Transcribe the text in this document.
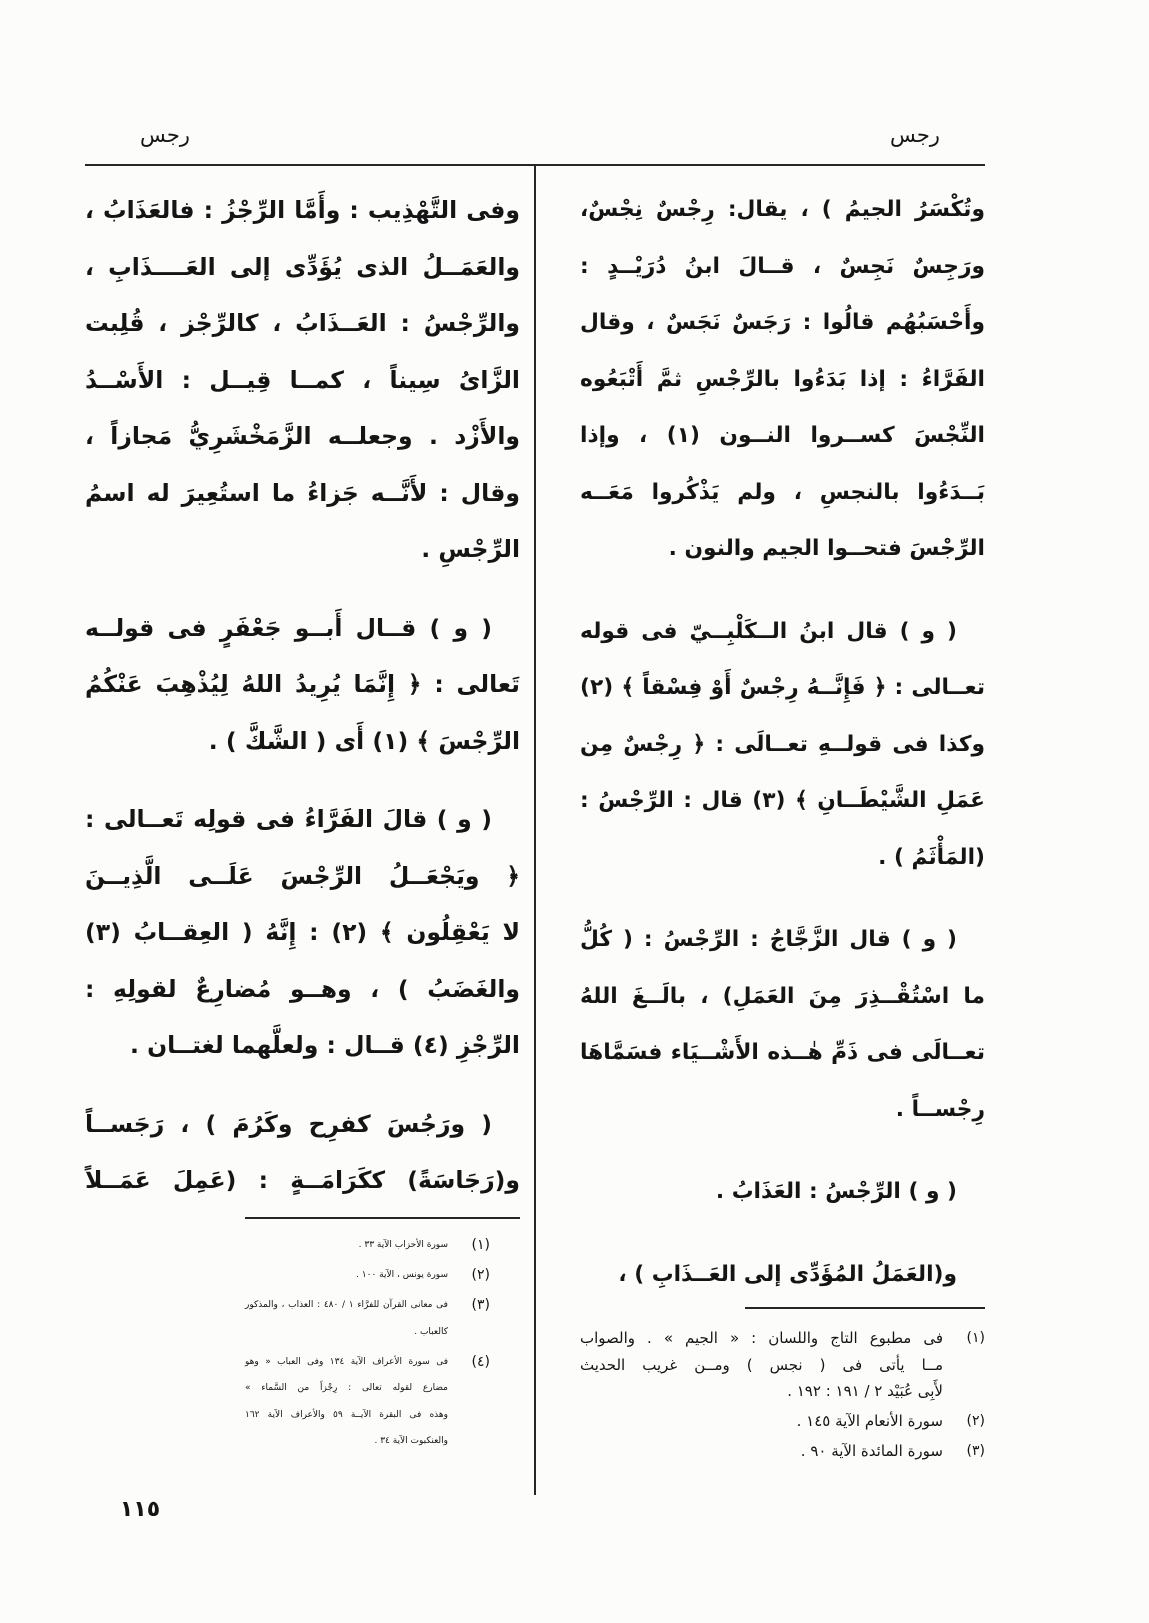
رجس	رجس
وتُكْسَرُ الجيمُ ) ، يقال: رِجْسٌ نِجْسٌ،
ورَجِسٌ نَجِسٌ ، قــالَ ابنُ دُرَيْــدٍ :
وأَحْسَبُهُم قالُوا : رَجَسٌ نَجَسٌ ، وقال
الفَرَّاءُ : إذا بَدَءُوا بالرِّجْسِ ثمَّ أَتْبَعُوه
النِّجْسَ كســروا النــون (١) ، وإذا
بَــدَءُوا بالنجسِ ، ولم يَذْكُروا مَعَــه
الرِّجْسَ فتحــوا الجيم والنون .
( و ) قال ابنُ الــكَلْبِــيّ فى قوله
تعــالى : ﴿ فَإِنَّــهُ رِجْسٌ أَوْ فِسْقاً ﴾ (٢)
وكذا فى قولــهِ تعــالَى : ﴿ رِجْسٌ مِن
عَمَلِ الشَّيْطَــانِ ﴾ (٣) قال : الرِّجْسُ :
(المَأْثَمُ ) .
( و ) قال الزَّجَّاجُ : الرِّجْسُ : ( كُلُّ
ما اسْتُقْــذِرَ مِنَ العَمَلِ) ، بالَــغَ اللهُ
تعــالَى فى ذَمِّ هٰــذه الأَشْــيَاء فسَمَّاهَا
رِجْســاً .
( و ) الرِّجْسُ : العَذَابُ .
و(العَمَلُ المُؤَدِّى إلى العَــذَابِ ) ،
وفى التَّهْذِيب : وأَمَّا الرِّجْزُ : فالعَذَابُ ،
والعَمَــلُ الذى يُؤَدِّى إلى العَــــذَابِ ،
والرِّجْسُ : العَــذَابُ ، كالرِّجْز ، قُلِبت
الزَّاىُ سِيناً ، كمــا قِيــل : الأَسْــدُ
والأَزْد . وجعلــه الزَّمَخْشَرِيُّ مَجازاً ،
وقال : لأَنَّــه جَزاءُ ما استُعِيرَ له اسمُ
الرِّجْسِ .
( و ) قــال أَبــو جَعْفَرٍ فى قولــه
تَعالى : ﴿ إِنَّمَا يُرِيدُ اللهُ لِيُذْهِبَ عَنْكُمُ
الرِّجْسَ ﴾ (١) أَى ( الشَّكَّ ) .
( و ) قالَ الفَرَّاءُ فى قولِه تَعــالى :
﴿ ويَجْعَــلُ الرِّجْسَ عَلَــى الَّذِيــنَ
لا يَعْقِلُون ﴾ (٢) : إِنَّهُ ( العِقــابُ (٣)
والغَضَبُ ) ، وهــو مُضارِعٌ لقولِهِ :
الرِّجْزِ (٤) قــال : ولعلَّهما لغتــان .
( ورَجُسَ كفرِح وكَرُمَ ) ، رَجَســاً
و(رَجَاسَةً) ككَرَامَــةٍ : (عَمِلَ عَمَــلاً
(١)
فى مطبوع التاج واللسان : « الجيم » . والصواب
مــا يأتى فى ( نجس ) ومــن غريب الحديث
لأَبِى عُبَيْد ٢ / ١٩١ : ١٩٢ .
(٢)
سورة الأنعام الآية ١٤٥ .
(٣)
سورة المائدة الآية ٩٠ .
(١)
سورة الأحزاب الآية ٣٣ .
(٢)
سورة يونس ، الآية ١٠٠ .
(٣)
فى معانى القرآن للفرَّاء ١ / ٤٨٠ : العذاب ، والمذكور
كالعباب .
(٤)
فى سورة الأعراف الآية ١٣٤ وفى العباب « وهو
مضارع لقوله تعالى : رِجْزاً من السَّماء »
وهذه فى البقرة الآيــة ٥٩ والأعراف الآية ١٦٢
والعنكبوت الآية ٣٤ .
١١٥
